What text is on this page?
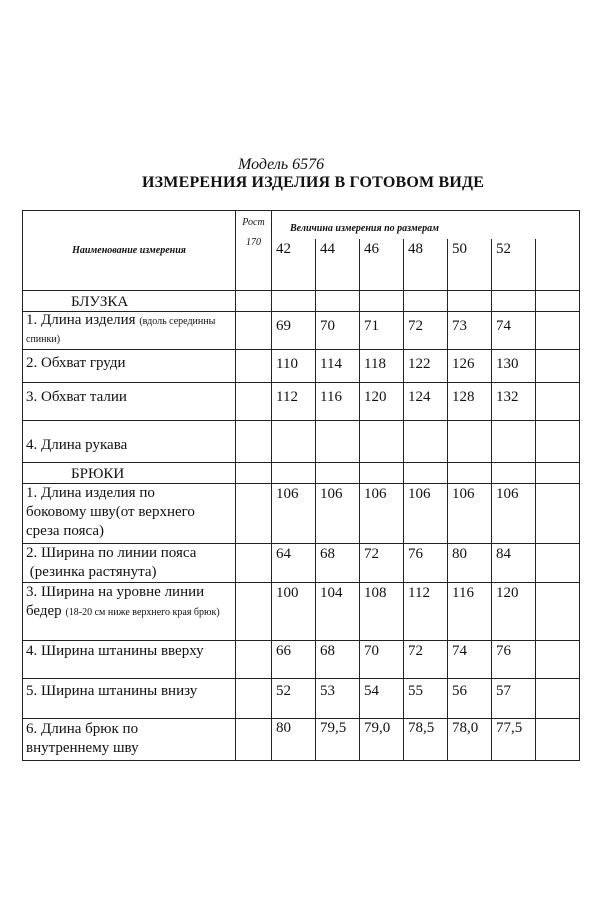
Модель 6576
ИЗМЕРЕНИЯ ИЗДЕЛИЯ В ГОТОВОМ ВИДЕ
Наименование измерения	Рост
170	Величина измерения по размерам						
		42	44	46	48	50	52	
БЛУЗКА								
1. Длина изделия (вдоль серединны спинки)		69	70	71	72	73	74	
2. Обхват груди		110	114	118	122	126	130	
3. Обхват талии		112	116	120	124	128	132	
4. Длина рукава								
БРЮКИ								
1. Длина изделия по
боковому шву(от верхнего
среза пояса)		106	106	106	106	106	106	
2. Ширина по линии пояса
(резинка растянута)		64	68	72	76	80	84	
3. Ширина на уровне линии
бедер (18-20 см ниже верхнего края брюк)		100	104	108	112	116	120	
4. Ширина штанины вверху		66	68	70	72	74	76	
5. Ширина штанины внизу		52	53	54	55	56	57	
6. Длина брюк по
внутреннему шву		80	79,5	79,0	78,5	78,0	77,5	
